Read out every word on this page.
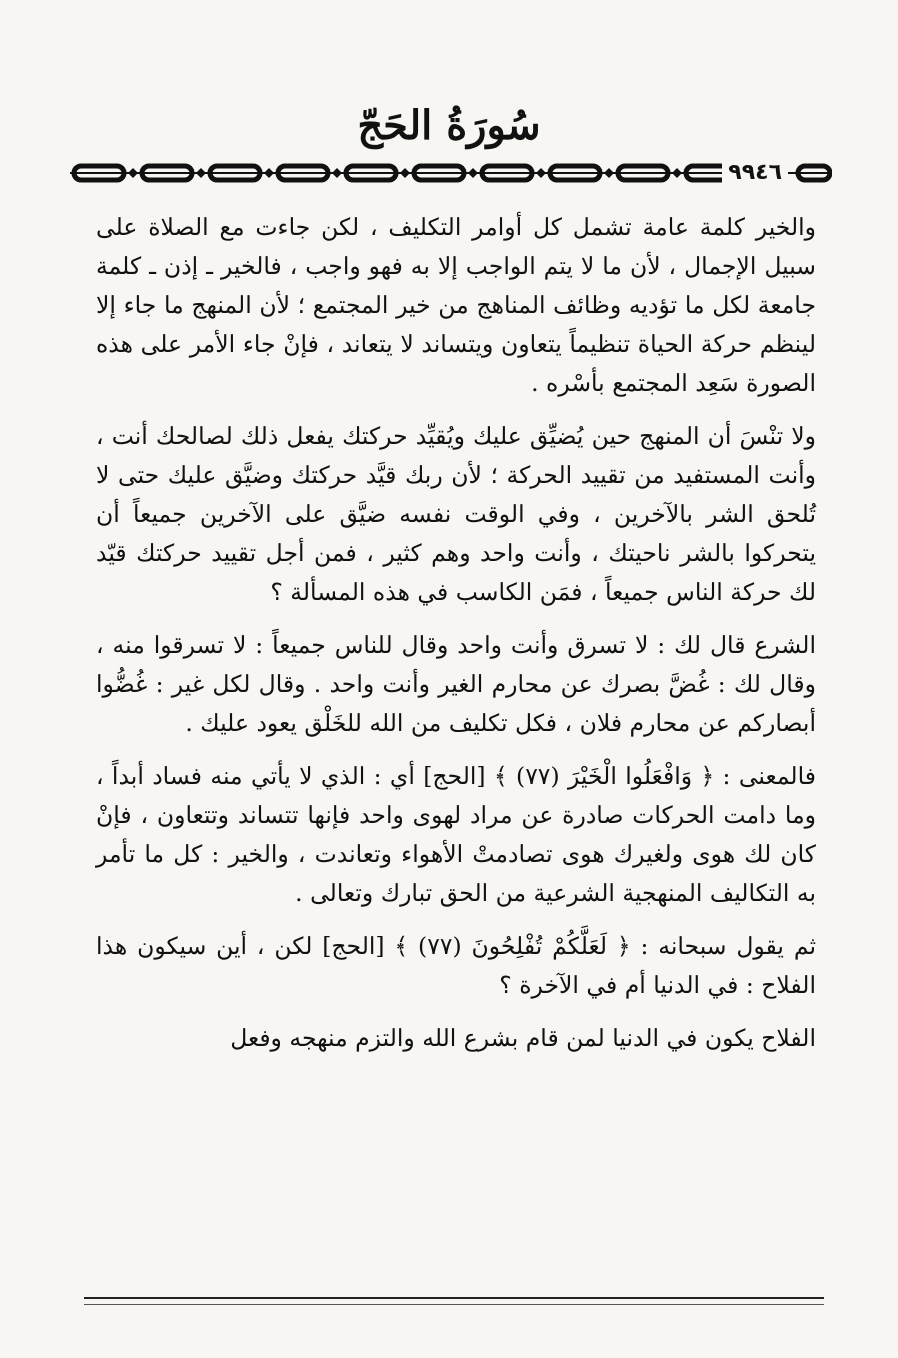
سُورَةُ الحَجّ
٩٩٤٦

والخير كلمة عامة تشمل كل أوامر التكليف ، لكن جاءت مع الصلاة على سبيل الإجمال ، لأن ما لا يتم الواجب إلا به فهو واجب ، فالخير ـ إذن ـ كلمة جامعة لكل ما تؤديه وظائف المناهج من خير المجتمع ؛ لأن المنهج ما جاء إلا لينظم حركة الحياة تنظيماً يتعاون ويتساند لا يتعاند ، فإنْ جاء الأمر على هذه الصورة سَعِد المجتمع بأسْره .

ولا تنْسَ أن المنهج حين يُضيِّق عليك ويُقيِّد حركتك يفعل ذلك لصالحك أنت ، وأنت المستفيد من تقييد الحركة ؛ لأن ربك قيَّد حركتك وضيَّق عليك حتى لا تُلحق الشر بالآخرين ، وفي الوقت نفسه ضيَّق على الآخرين جميعاً أن يتحركوا بالشر ناحيتك ، وأنت واحد وهم كثير ، فمن أجل تقييد حركتك قيّد لك حركة الناس جميعاً ، فمَن الكاسب في هذه المسألة ؟

الشرع قال لك : لا تسرق وأنت واحد وقال للناس جميعاً : لا تسرقوا منه ، وقال لك : غُضَّ بصرك عن محارم الغير وأنت واحد . وقال لكل غير : غُضُّوا أبصاركم عن محارم فلان ، فكل تكليف من الله للخَلْق يعود عليك .

فالمعنى : ﴿ وَافْعَلُوا الْخَيْرَ (٧٧) ﴾ [الحج] أي : الذي لا يأتي منه فساد أبداً ، وما دامت الحركات صادرة عن مراد لهوى واحد فإنها تتساند وتتعاون ، فإنْ كان لك هوى ولغيرك هوى تصادمتْ الأهواء وتعاندت ، والخير : كل ما تأمر به التكاليف المنهجية الشرعية من الحق تبارك وتعالى .

ثم يقول سبحانه : ﴿ لَعَلَّكُمْ تُفْلِحُونَ (٧٧) ﴾ [الحج] لكن ، أين سيكون هذا الفلاح : في الدنيا أم في الآخرة ؟

الفلاح يكون في الدنيا لمن قام بشرع الله والتزم منهجه وفعل
